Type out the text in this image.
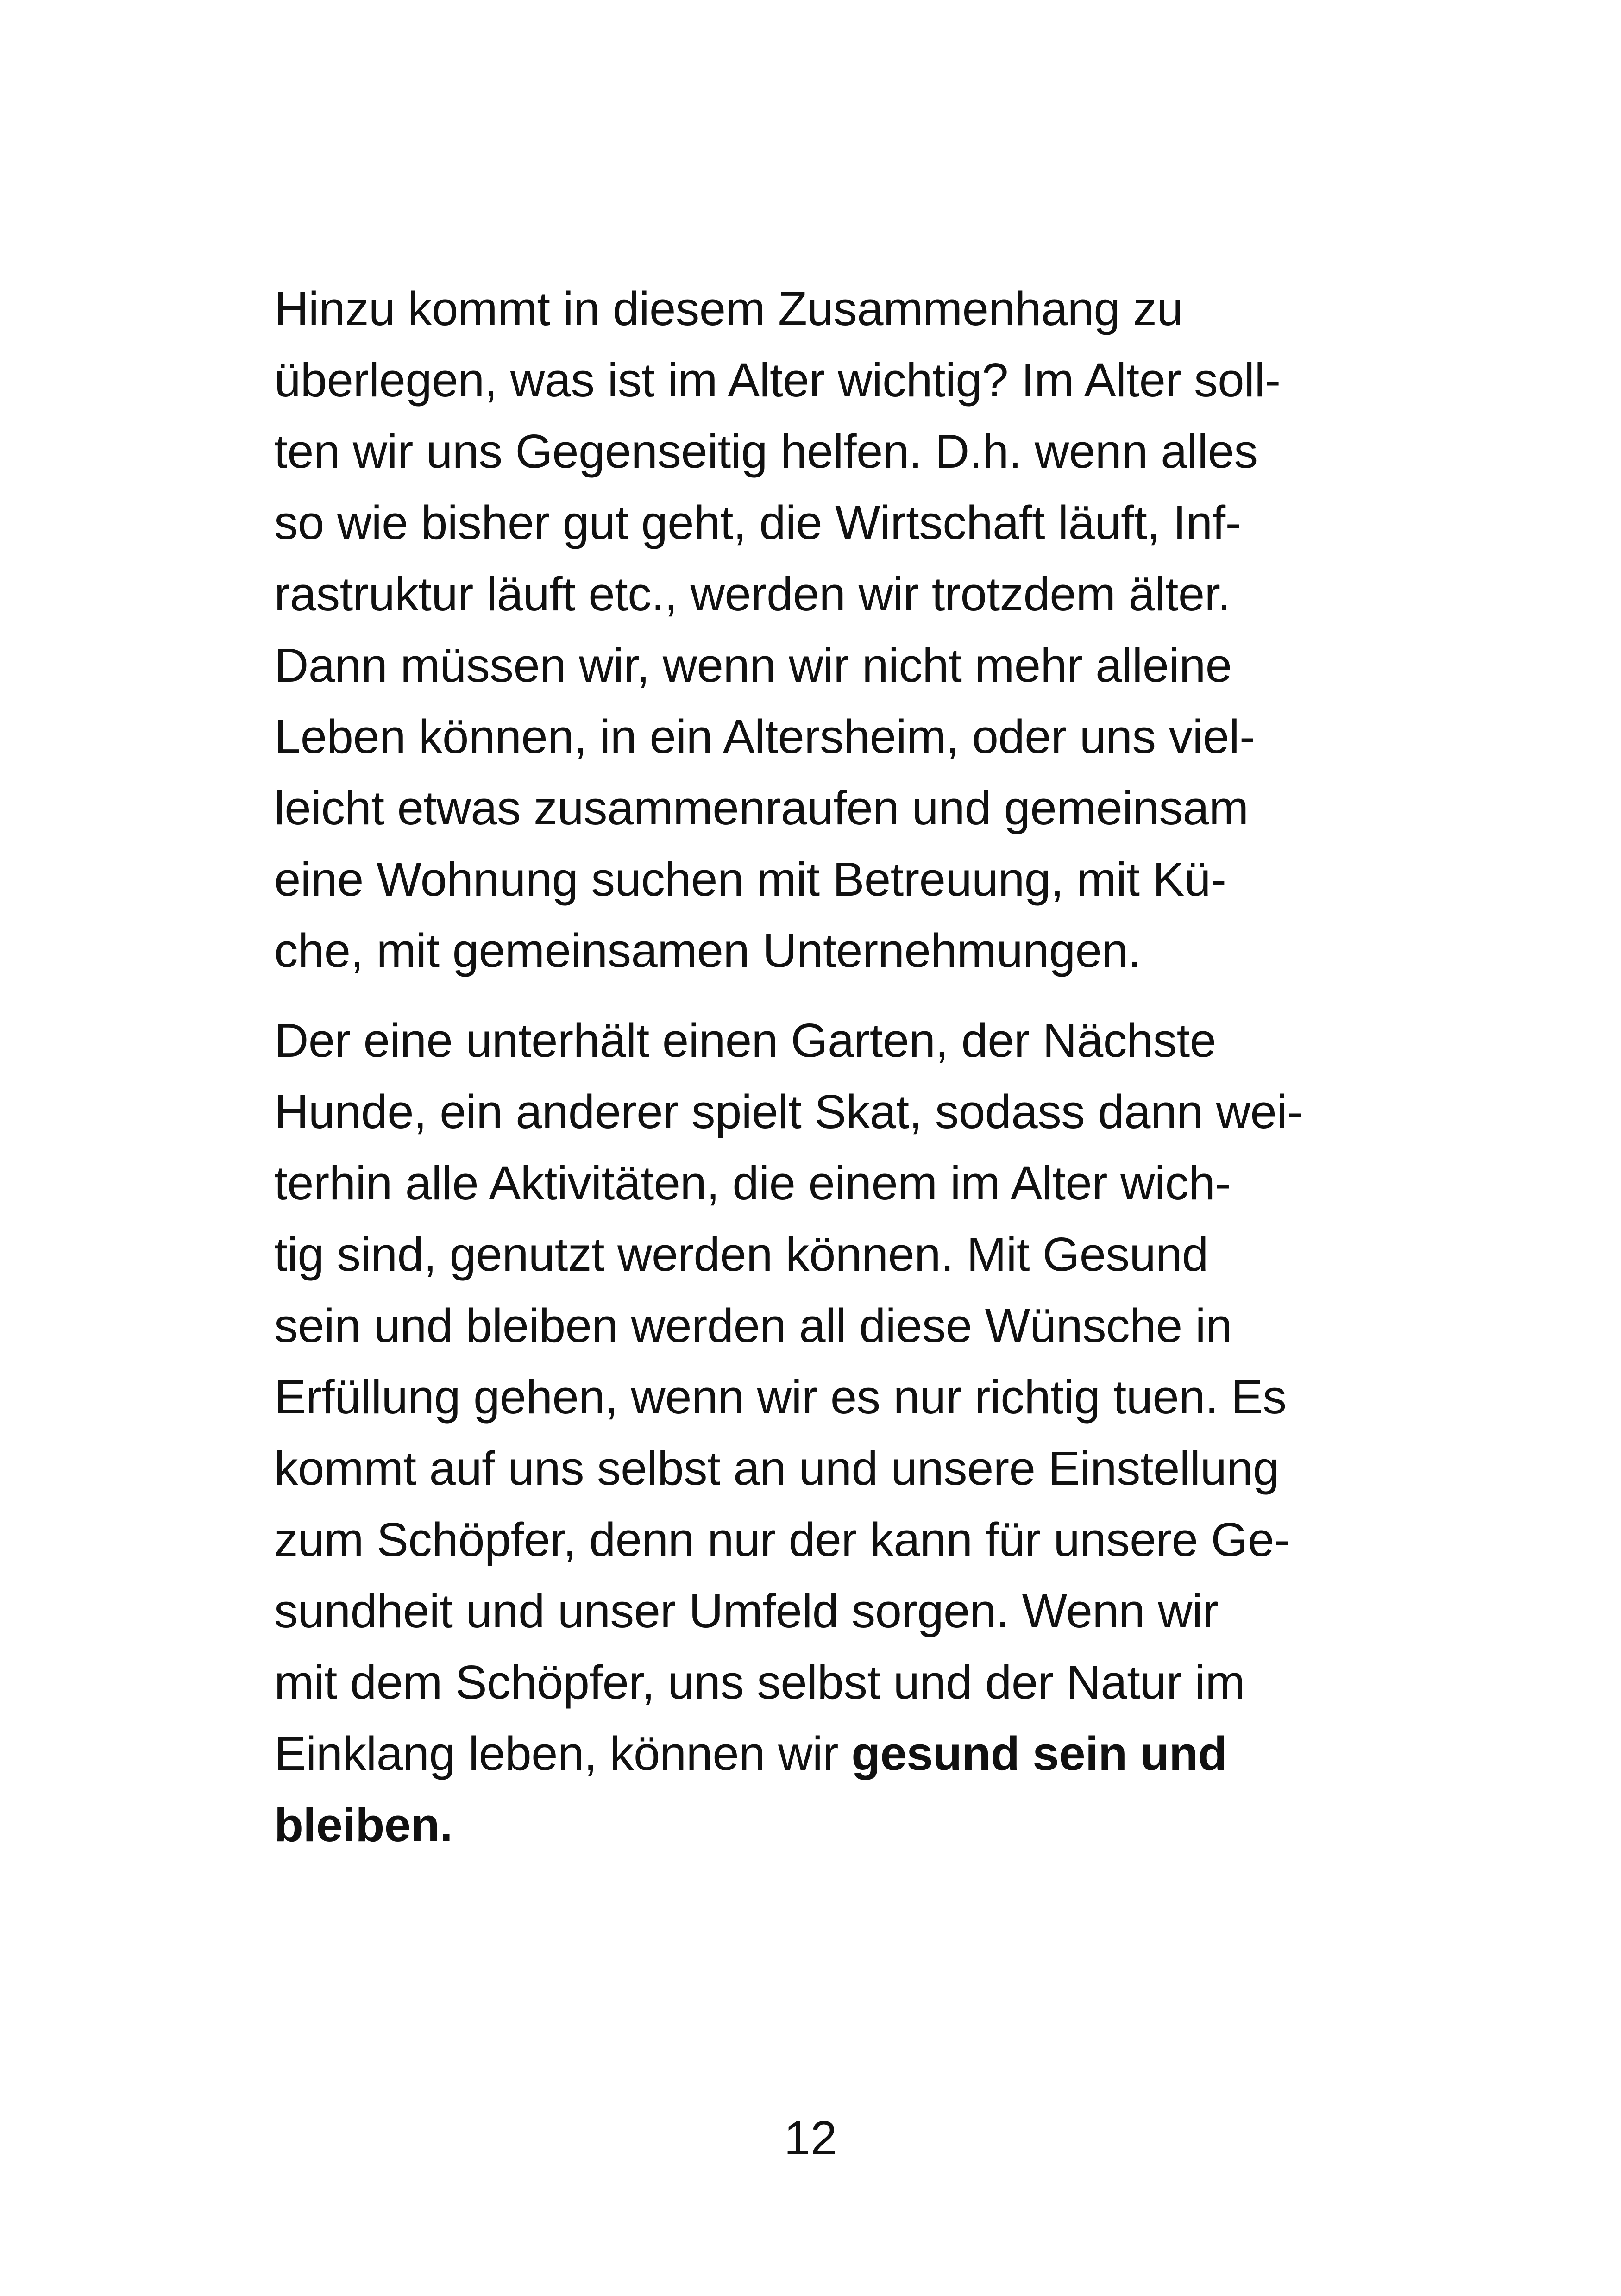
Hinzu kommt in diesem Zusammenhang zu
überlegen, was ist im Alter wichtig? Im Alter soll-
ten wir uns Gegenseitig helfen. D.h. wenn alles
so wie bisher gut geht, die Wirtschaft läuft, Inf-
rastruktur läuft etc., werden wir trotzdem älter.
Dann müssen wir, wenn wir nicht mehr alleine
Leben können, in ein Altersheim, oder uns viel-
leicht etwas zusammenraufen und gemeinsam
eine Wohnung suchen mit Betreuung, mit Kü-
che, mit gemeinsamen Unternehmungen.
Der eine unterhält einen Garten, der Nächste
Hunde, ein anderer spielt Skat, sodass dann wei-
terhin alle Aktivitäten, die einem im Alter wich-
tig sind, genutzt werden können. Mit Gesund
sein und bleiben werden all diese Wünsche in
Erfüllung gehen, wenn wir es nur richtig tuen. Es
kommt auf uns selbst an und unsere Einstellung
zum Schöpfer, denn nur der kann für unsere Ge-
sundheit und unser Umfeld sorgen. Wenn wir
mit dem Schöpfer, uns selbst und der Natur im
Einklang leben, können wir gesund sein und
bleiben.
12
